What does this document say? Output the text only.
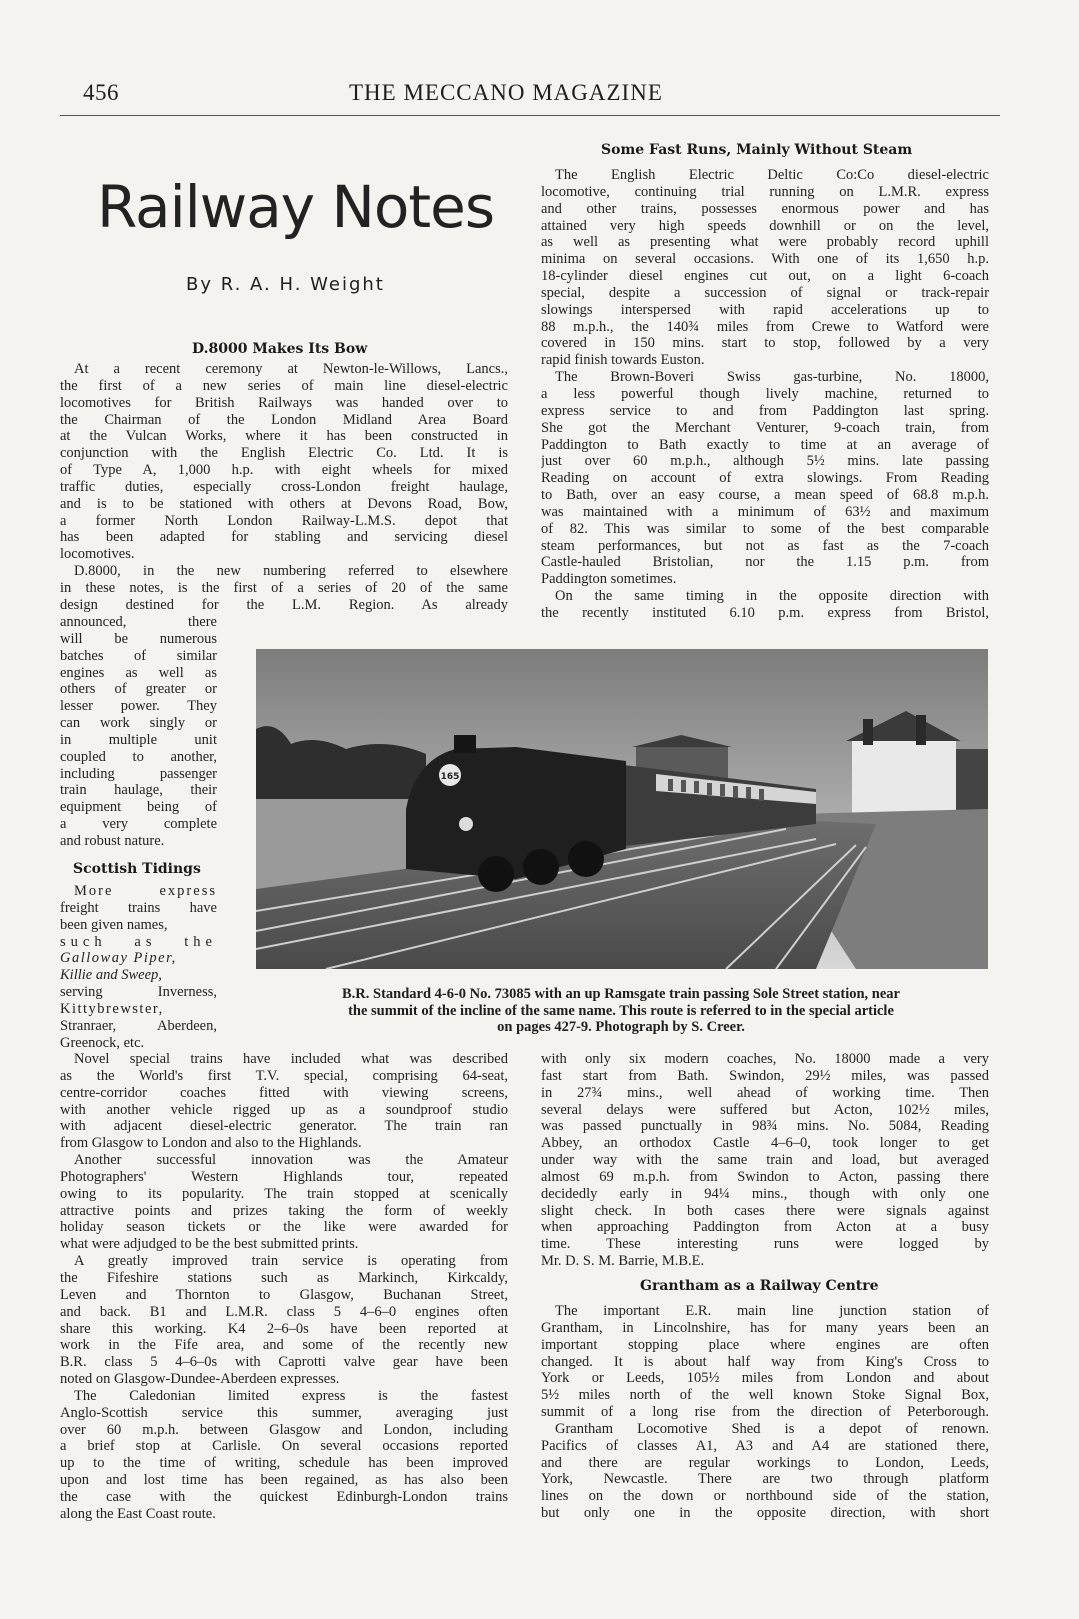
456	THE MECCANO MAGAZINE
Railway Notes
By R. A. H. Weight
D.8000 Makes Its Bow
At a recent ceremony at Newton-le-Willows, Lancs.,
the first of a new series of main line diesel-electric
locomotives for British Railways was handed over to
the Chairman of the London Midland Area Board
at the Vulcan Works, where it has been constructed in
conjunction with the English Electric Co. Ltd. It is
of Type A, 1,000 h.p. with eight wheels for mixed
traffic duties, especially cross-London freight haulage,
and is to be stationed with others at Devons Road, Bow,
a former North London Railway-L.M.S. depot that
has been adapted for stabling and servicing diesel
locomotives.
D.8000, in the new numbering referred to elsewhere
in these notes, is the first of a series of 20 of the same
design destined for the L.M. Region. As already
announced, there
will be numerous
batches of similar
engines as well as
others of greater or
lesser power. They
can work singly or
in multiple unit
coupled to another,
including passenger
train haulage, their
equipment being of
a very complete
and robust nature.
Scottish Tidings
More express
freight trains have
been given names,
such as the
Galloway Piper,
Killie and Sweep,
serving Inverness,
Kittybrewster,
Stranraer, Aberdeen,
Greenock, etc.
Novel special trains have included what was described
as the World's first T.V. special, comprising 64-seat,
centre-corridor coaches fitted with viewing screens,
with another vehicle rigged up as a soundproof studio
with adjacent diesel-electric generator. The train ran
from Glasgow to London and also to the Highlands.
Another successful innovation was the Amateur
Photographers' Western Highlands tour, repeated
owing to its popularity. The train stopped at scenically
attractive points and prizes taking the form of weekly
holiday season tickets or the like were awarded for
what were adjudged to be the best submitted prints.
A greatly improved train service is operating from
the Fifeshire stations such as Markinch, Kirkcaldy,
Leven and Thornton to Glasgow, Buchanan Street,
and back. B1 and L.M.R. class 5 4–6–0 engines often
share this working. K4 2–6–0s have been reported at
work in the Fife area, and some of the recently new
B.R. class 5 4–6–0s with Caprotti valve gear have been
noted on Glasgow-Dundee-Aberdeen expresses.
The Caledonian limited express is the fastest
Anglo-Scottish service this summer, averaging just
over 60 m.p.h. between Glasgow and London, including
a brief stop at Carlisle. On several occasions reported
up to the time of writing, schedule has been improved
upon and lost time has been regained, as has also been
the case with the quickest Edinburgh-London trains
along the East Coast route.
Some Fast Runs, Mainly Without Steam
The English Electric Deltic Co:Co diesel-electric
locomotive, continuing trial running on L.M.R. express
and other trains, possesses enormous power and has
attained very high speeds downhill or on the level,
as well as presenting what were probably record uphill
minima on several occasions. With one of its 1,650 h.p.
18-cylinder diesel engines cut out, on a light 6-coach
special, despite a succession of signal or track-repair
slowings interspersed with rapid accelerations up to
88 m.p.h., the 140¾ miles from Crewe to Watford were
covered in 150 mins. start to stop, followed by a very
rapid finish towards Euston.
The Brown-Boveri Swiss gas-turbine, No. 18000,
a less powerful though lively machine, returned to
express service to and from Paddington last spring.
She got the Merchant Venturer, 9-coach train, from
Paddington to Bath exactly to time at an average of
just over 60 m.p.h., although 5½ mins. late passing
Reading on account of extra slowings. From Reading
to Bath, over an easy course, a mean speed of 68.8 m.p.h.
was maintained with a minimum of 63½ and maximum
of 82. This was similar to some of the best comparable
steam performances, but not as fast as the 7-coach
Castle-hauled Bristolian, nor the 1.15 p.m. from
Paddington sometimes.
On the same timing in the opposite direction with
the recently instituted 6.10 p.m. express from Bristol,
165
B.R. Standard 4-6-0 No. 73085 with an up Ramsgate train passing Sole Street station, near
the summit of the incline of the same name. This route is referred to in the special article
on pages 427-9. Photograph by S. Creer.
with only six modern coaches, No. 18000 made a very
fast start from Bath. Swindon, 29½ miles, was passed
in 27¾ mins., well ahead of working time. Then
several delays were suffered but Acton, 102½ miles,
was passed punctually in 98¾ mins. No. 5084, Reading
Abbey, an orthodox Castle 4–6–0, took longer to get
under way with the same train and load, but averaged
almost 69 m.p.h. from Swindon to Acton, passing there
decidedly early in 94¼ mins., though with only one
slight check. In both cases there were signals against
when approaching Paddington from Acton at a busy
time. These interesting runs were logged by
Mr. D. S. M. Barrie, M.B.E.
Grantham as a Railway Centre
The important E.R. main line junction station of
Grantham, in Lincolnshire, has for many years been an
important stopping place where engines are often
changed. It is about half way from King's Cross to
York or Leeds, 105½ miles from London and about
5½ miles north of the well known Stoke Signal Box,
summit of a long rise from the direction of Peterborough.
Grantham Locomotive Shed is a depot of renown.
Pacifics of classes A1, A3 and A4 are stationed there,
and there are regular workings to London, Leeds,
York, Newcastle. There are two through platform
lines on the down or northbound side of the station,
but only one in the opposite direction, with short
